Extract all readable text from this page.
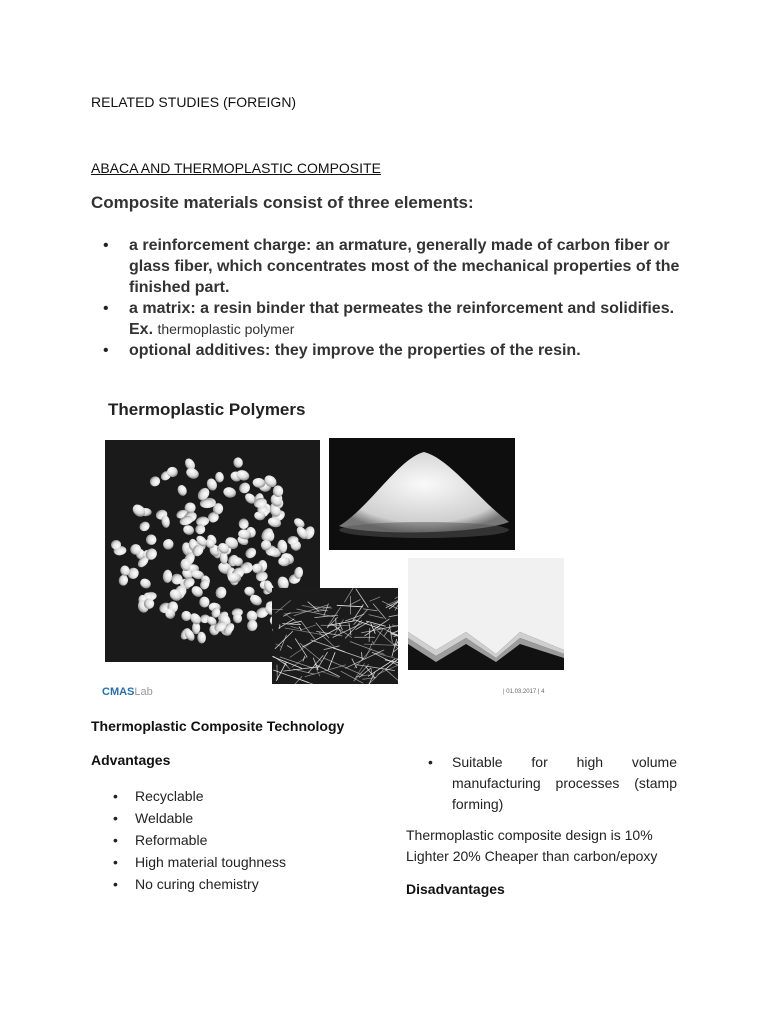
RELATED STUDIES (FOREIGN)
ABACA AND THERMOPLASTIC COMPOSITE
Composite materials consist of three elements:
• a reinforcement charge: an armature, generally made of carbon fiber or glass fiber, which concentrates most of the mechanical properties of the finished part.
• a matrix: a resin binder that permeates the reinforcement and solidifies. Ex. thermoplastic polymer
• optional additives: they improve the properties of the resin.
Thermoplastic Polymers
CMASLab	| 01.03.2017 | 4
Thermoplastic Composite Technology
Advantages
• Recyclable
• Weldable
• Reformable
• High material toughness
• No curing chemistry
• Suitable for high volume manufacturing processes (stamp forming)
Thermoplastic composite design is 10% Lighter 20% Cheaper than carbon/epoxy
Disadvantages
